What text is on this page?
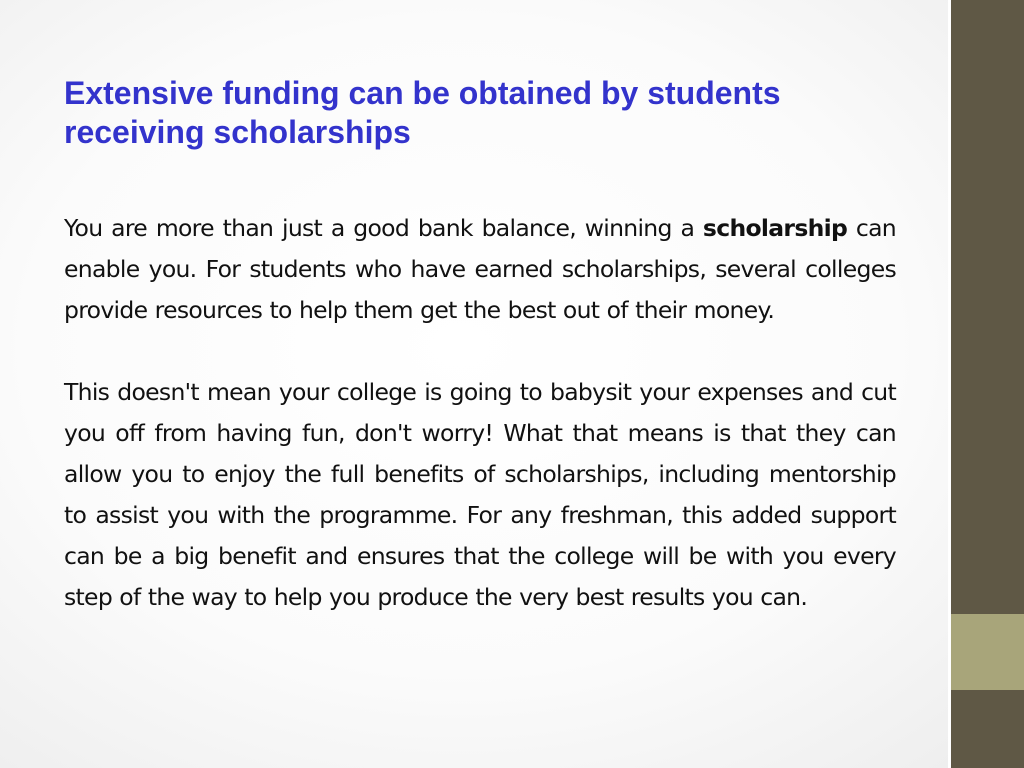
Extensive funding can be obtained by students receiving scholarships

You are more than just a good bank balance, winning a scholarship can enable you. For students who have earned scholarships, several colleges provide resources to help them get the best out of their money.

This doesn't mean your college is going to babysit your expenses and cut you off from having fun, don't worry! What that means is that they can allow you to enjoy the full benefits of scholarships, including mentorship to assist you with the programme. For any freshman, this added support can be a big benefit and ensures that the college will be with you every step of the way to help you produce the very best results you can.
